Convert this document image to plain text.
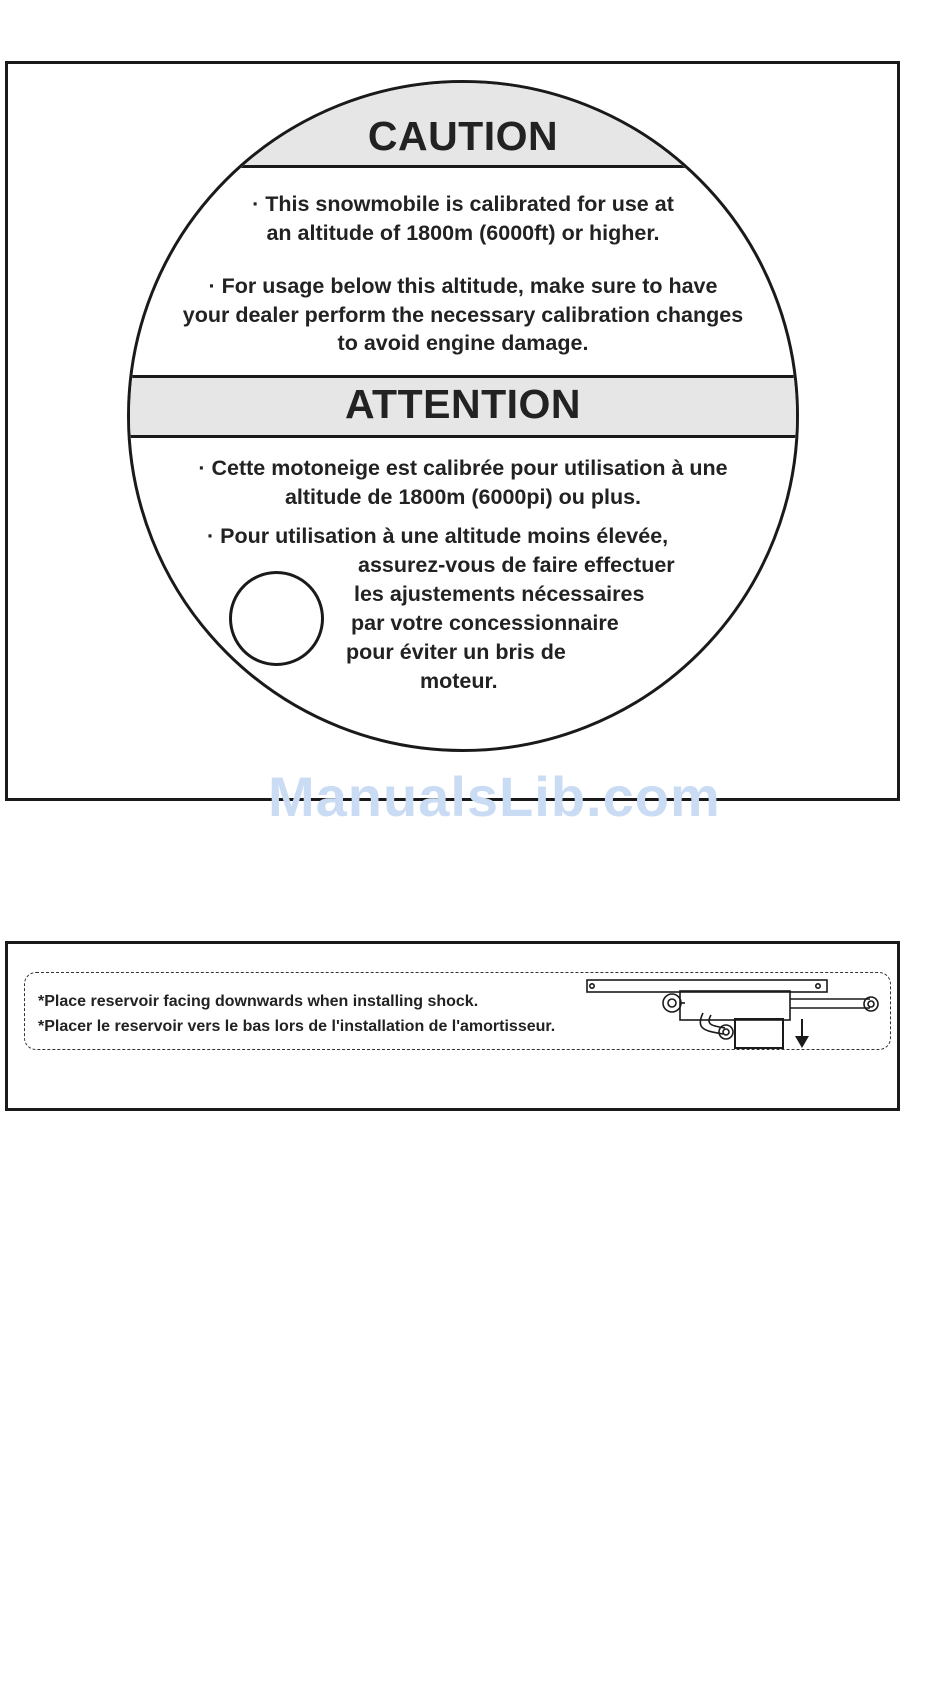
CAUTION
· This snowmobile is calibrated for use at
an altitude of 1800m (6000ft) or higher.
· For usage below this altitude, make sure to have
your dealer perform the necessary calibration changes
to avoid engine damage.
ATTENTION
· Cette motoneige est calibrée pour utilisation à une
altitude de 1800m (6000pi) ou plus.
· Pour utilisation à une altitude moins élevée,
assurez-vous de faire effectuer
les ajustements nécessaires
par votre concessionnaire
pour éviter un bris de
moteur.
ManualsLib.com
*Place reservoir facing downwards when installing shock.
*Placer le reservoir vers le bas lors de l'installation de l'amortisseur.
